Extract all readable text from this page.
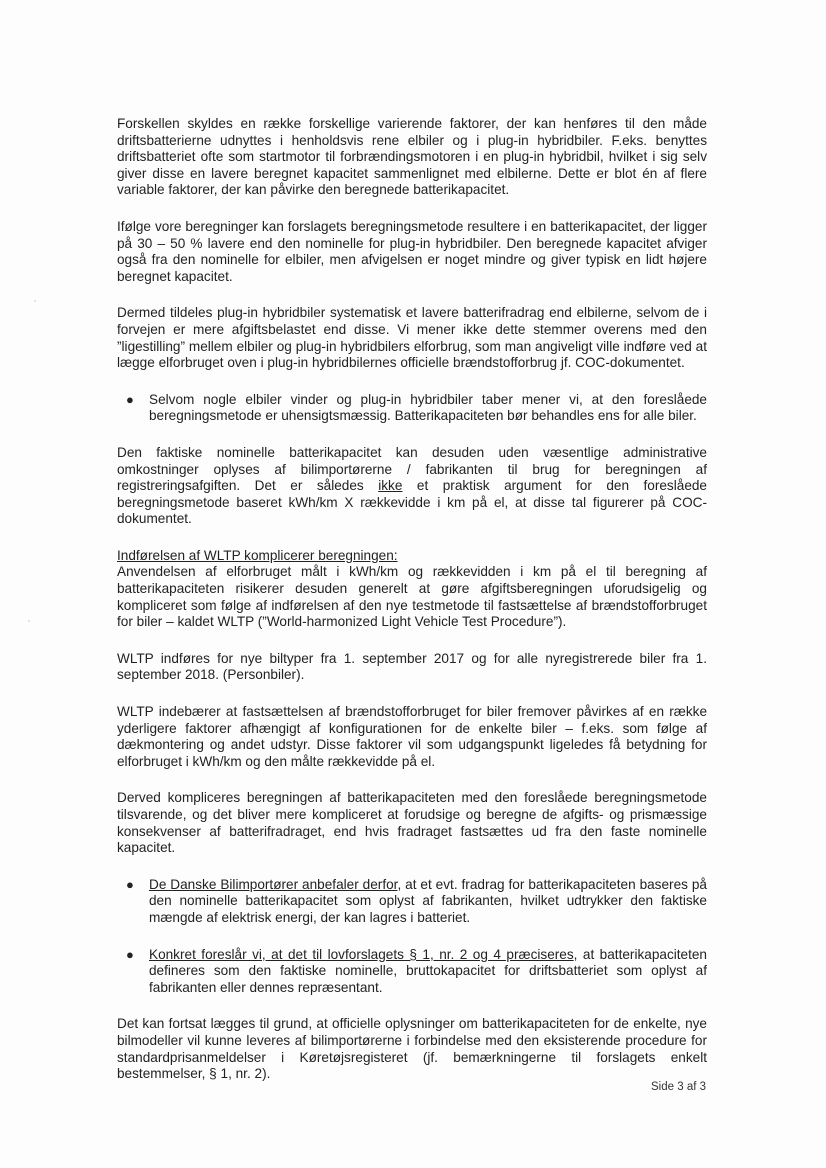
Forskellen skyldes en række forskellige varierende faktorer, der kan henføres til den måde driftsbatterierne udnyttes i henholdsvis rene elbiler og i plug-in hybridbiler. F.eks. benyttes driftsbatteriet ofte som startmotor til forbrændingsmotoren i en plug-in hybridbil, hvilket i sig selv giver disse en lavere beregnet kapacitet sammenlignet med elbilerne. Dette er blot én af flere variable faktorer, der kan påvirke den beregnede batterikapacitet.

Ifølge vore beregninger kan forslagets beregningsmetode resultere i en batterikapacitet, der ligger på 30 – 50 % lavere end den nominelle for plug-in hybridbiler. Den beregnede kapacitet afviger også fra den nominelle for elbiler, men afvigelsen er noget mindre og giver typisk en lidt højere beregnet kapacitet.

Dermed tildeles plug-in hybridbiler systematisk et lavere batterifradrag end elbilerne, selvom de i forvejen er mere afgiftsbelastet end disse. Vi mener ikke dette stemmer overens med den ”ligestilling” mellem elbiler og plug-in hybridbilers elforbrug, som man angiveligt ville indføre ved at lægge elforbruget oven i plug-in hybridbilernes officielle brændstofforbrug jf. COC-dokumentet.

● Selvom nogle elbiler vinder og plug-in hybridbiler taber mener vi, at den foreslåede beregningsmetode er uhensigtsmæssig. Batterikapaciteten bør behandles ens for alle biler.

Den faktiske nominelle batterikapacitet kan desuden uden væsentlige administrative omkostninger oplyses af bilimportørerne / fabrikanten til brug for beregningen af registreringsafgiften. Det er således ikke et praktisk argument for den foreslåede beregningsmetode baseret kWh/km X rækkevidde i km på el, at disse tal figurerer på COC-dokumentet.

Indførelsen af WLTP komplicerer beregningen:

Anvendelsen af elforbruget målt i kWh/km og rækkevidden i km på el til beregning af batterikapaciteten risikerer desuden generelt at gøre afgiftsberegningen uforudsigelig og kompliceret som følge af indførelsen af den nye testmetode til fastsættelse af brændstofforbruget for biler – kaldet WLTP (”World-harmonized Light Vehicle Test Procedure”).

WLTP indføres for nye biltyper fra 1. september 2017 og for alle nyregistrerede biler fra 1. september 2018. (Personbiler).

WLTP indebærer at fastsættelsen af brændstofforbruget for biler fremover påvirkes af en række yderligere faktorer afhængigt af konfigurationen for de enkelte biler – f.eks. som følge af dækmontering og andet udstyr. Disse faktorer vil som udgangspunkt ligeledes få betydning for elforbruget i kWh/km og den målte rækkevidde på el.

Derved kompliceres beregningen af batterikapaciteten med den foreslåede beregningsmetode tilsvarende, og det bliver mere kompliceret at forudsige og beregne de afgifts- og prismæssige konsekvenser af batterifradraget, end hvis fradraget fastsættes ud fra den faste nominelle kapacitet.

● De Danske Bilimportører anbefaler derfor, at et evt. fradrag for batterikapaciteten baseres på den nominelle batterikapacitet som oplyst af fabrikanten, hvilket udtrykker den faktiske mængde af elektrisk energi, der kan lagres i batteriet.
● Konkret foreslår vi, at det til lovforslagets § 1, nr. 2 og 4 præciseres, at batterikapaciteten defineres som den faktiske nominelle, bruttokapacitet for driftsbatteriet som oplyst af fabrikanten eller dennes repræsentant.

Det kan fortsat lægges til grund, at officielle oplysninger om batterikapaciteten for de enkelte, nye bilmodeller vil kunne leveres af bilimportørerne i forbindelse med den eksisterende procedure for standardprisanmeldelser i Køretøjsregisteret (jf. bemærkningerne til forslagets enkelt bestemmelser, § 1, nr. 2).

Side 3 af 3
